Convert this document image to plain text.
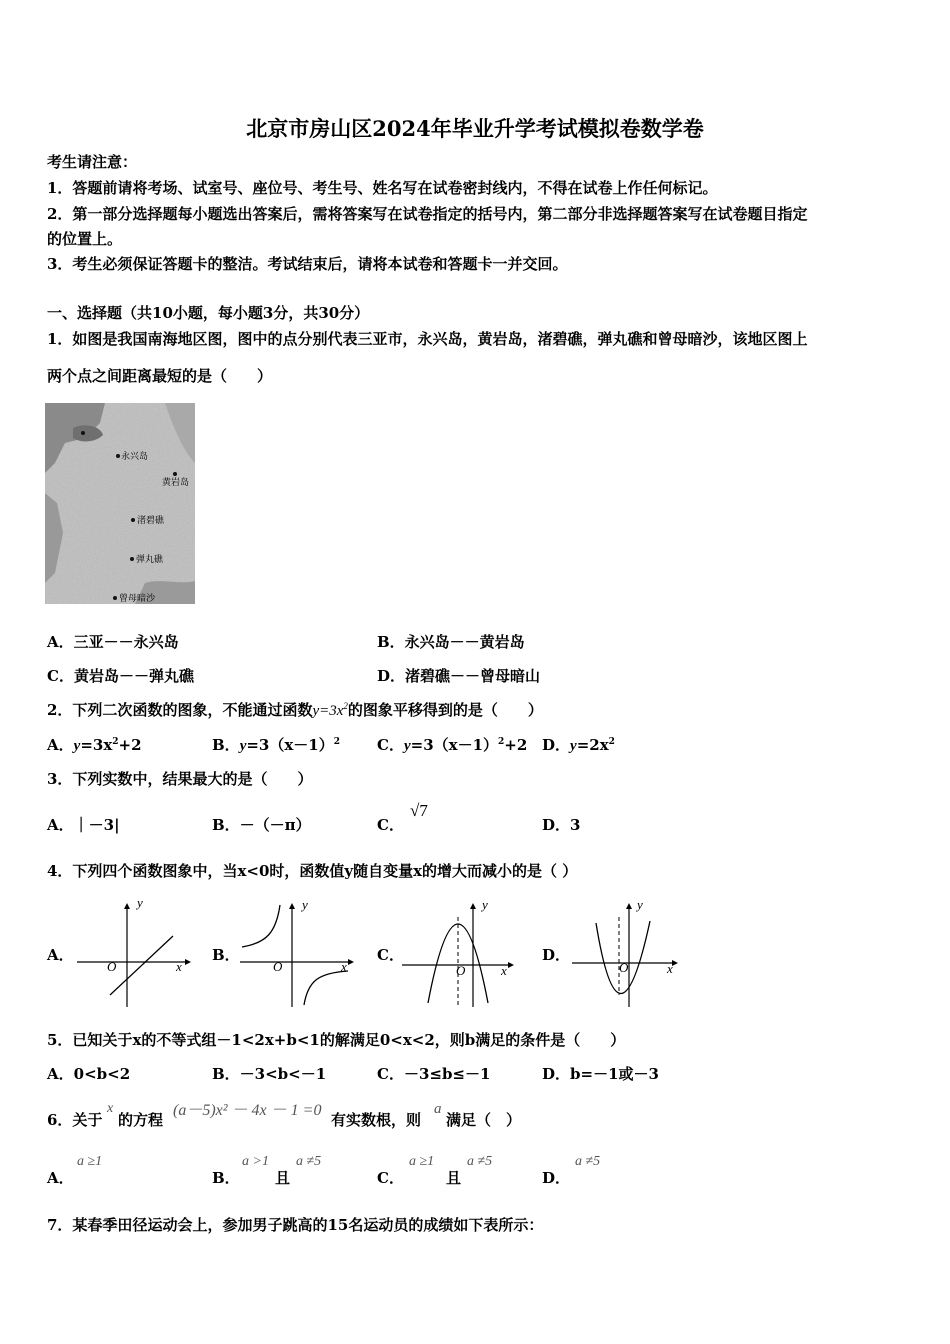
北京市房山区2024年毕业升学考试模拟卷数学卷
考生请注意：
1．答题前请将考场、试室号、座位号、考生号、姓名写在试卷密封线内，不得在试卷上作任何标记。
2．第一部分选择题每小题选出答案后，需将答案写在试卷指定的括号内，第二部分非选择题答案写在试卷题目指定
的位置上。
3．考生必须保证答题卡的整洁。考试结束后，请将本试卷和答题卡一并交回。
一、选择题（共10小题，每小题3分，共30分）
1．如图是我国南海地区图，图中的点分别代表三亚市，永兴岛，黄岩岛，渚碧礁，弹丸礁和曾母暗沙，该地区图上
两个点之间距离最短的是（　　）
永兴岛
黄岩岛
渚碧礁
弹丸礁
曾母暗沙
A．三亚－－永兴岛	B．永兴岛－－黄岩岛
C．黄岩岛－－弹丸礁	D．渚碧礁－－曾母暗山
2．下列二次函数的图象，不能通过函数$y=3x^2$的图象平移得到的是（　　）
A．$y=3x^2+2$	B．$y=3(x-1)^2$ C．$y=3(x-1)^2+2$ D．$y=2x^2$
3．下列实数中，结果最大的是（　　）
A．｜－3|	B．－（－π）	C．
√7
D．3
4．下列四个函数图象中，当x<0时，函数值y随自变量x的增大而减小的是（ ）
A．
y
x
O
B．
y
x
O
C．
y
x
O
D．
y
x
O
5．已知关于x的不等式组－1<2x+b<1的解满足0<x<2，则b满足的条件是（　　）
A．0<b<2	B．－3<b<－1	C．－3≤b≤－1	D．b=－1或－3
6．关于
x
的方程
(a－5)x² － 4x － 1 =0
有实数根，则
a
满足（　）
A．
a ≥1
B．
a >1
且
a ≠5
C．
a ≥1
且
a ≠5
D．
a ≠5
7．某春季田径运动会上，参加男子跳高的15名运动员的成绩如下表所示：
